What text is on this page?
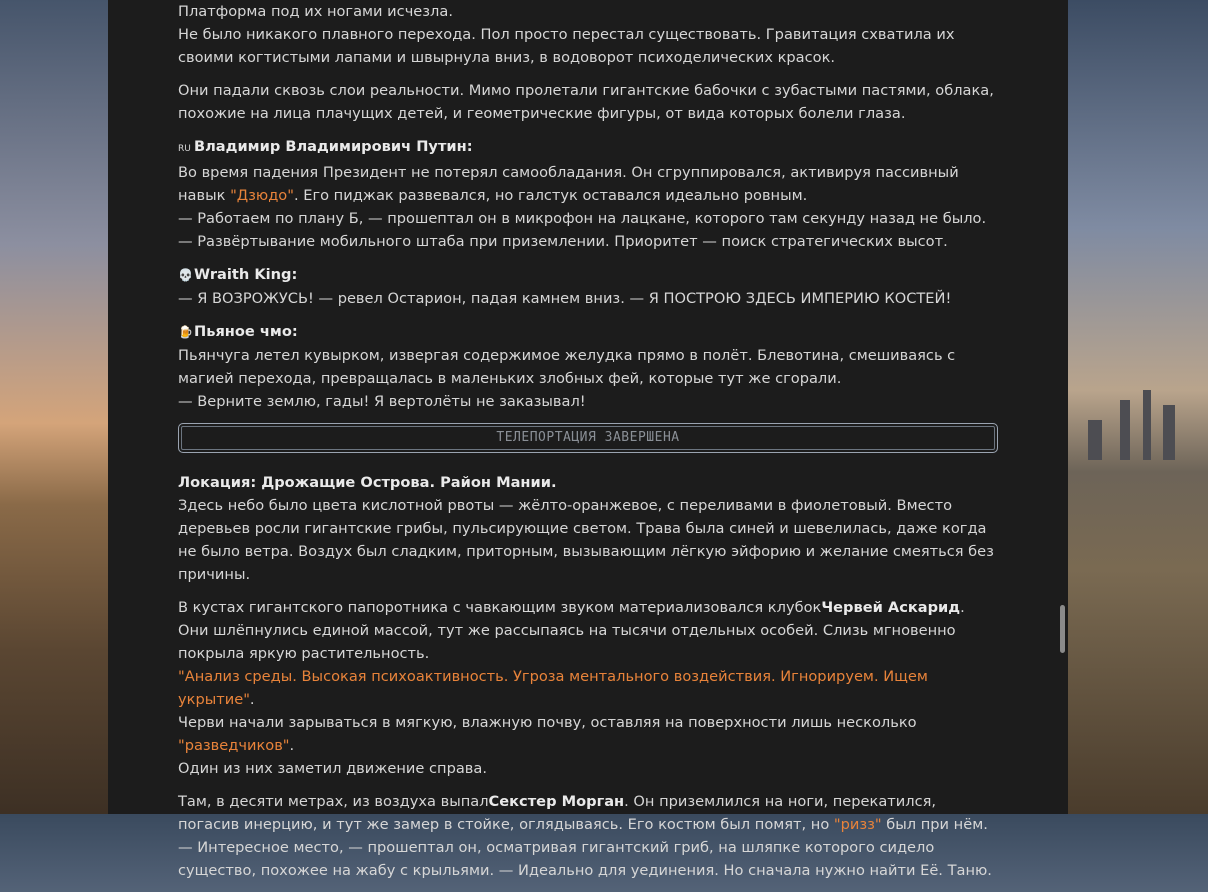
Платформа под их ногами исчезла.
Не было никакого плавного перехода. Пол просто перестал существовать. Гравитация схватила их своими когтистыми лапами и швырнула вниз, в водоворот психоделических красок.

Они падали сквозь слои реальности. Мимо пролетали гигантские бабочки с зубастыми пастями, облака, похожие на лица плачущих детей, и геометрические фигуры, от вида которых болели глаза.

RU Владимир Владимирович Путин:
Во время падения Президент не потерял самообладания. Он сгруппировался, активируя пассивный навык "Дзюдо". Его пиджак развевался, но галстук оставался идеально ровным.
— Работаем по плану Б, — прошептал он в микрофон на лацкане, которого там секунду назад не было. — Развёртывание мобильного штаба при приземлении. Приоритет — поиск стратегических высот.

💀Wraith King:
— Я ВОЗРОЖУСЬ! — ревел Остарион, падая камнем вниз. — Я ПОСТРОЮ ЗДЕСЬ ИМПЕРИЮ КОСТЕЙ!

🍺Пьяное чмо:
Пьянчуга летел кувырком, извергая содержимое желудка прямо в полёт. Блевотина, смешиваясь с магией перехода, превращалась в маленьких злобных фей, которые тут же сгорали.
— Верните землю, гады! Я вертолёты не заказывал!

ТЕЛЕПОРТАЦИЯ ЗАВЕРШЕНА

Локация: Дрожащие Острова. Район Мании.
Здесь небо было цвета кислотной рвоты — жёлто-оранжевое, с переливами в фиолетовый. Вместо деревьев росли гигантские грибы, пульсирующие светом. Трава была синей и шевелилась, даже когда не было ветра. Воздух был сладким, приторным, вызывающим лёгкую эйфорию и желание смеяться без причины.

В кустах гигантского папоротника с чавкающим звуком материализовался клубокЧервей Аскарид. Они шлёпнулись единой массой, тут же рассыпаясь на тысячи отдельных особей. Слизь мгновенно покрыла яркую растительность.
"Анализ среды. Высокая психоактивность. Угроза ментального воздействия. Игнорируем. Ищем укрытие".
Черви начали зарываться в мягкую, влажную почву, оставляя на поверхности лишь несколько "разведчиков".
Один из них заметил движение справа.

Там, в десяти метрах, из воздуха выпалСекстер Морган. Он приземлился на ноги, перекатился, погасив инерцию, и тут же замер в стойке, оглядываясь. Его костюм был помят, но "ризз" был при нём.
— Интересное место, — прошептал он, осматривая гигантский гриб, на шляпке которого сидело существо, похожее на жабу с крыльями. — Идеально для уединения. Но сначала нужно найти Её. Таню.
